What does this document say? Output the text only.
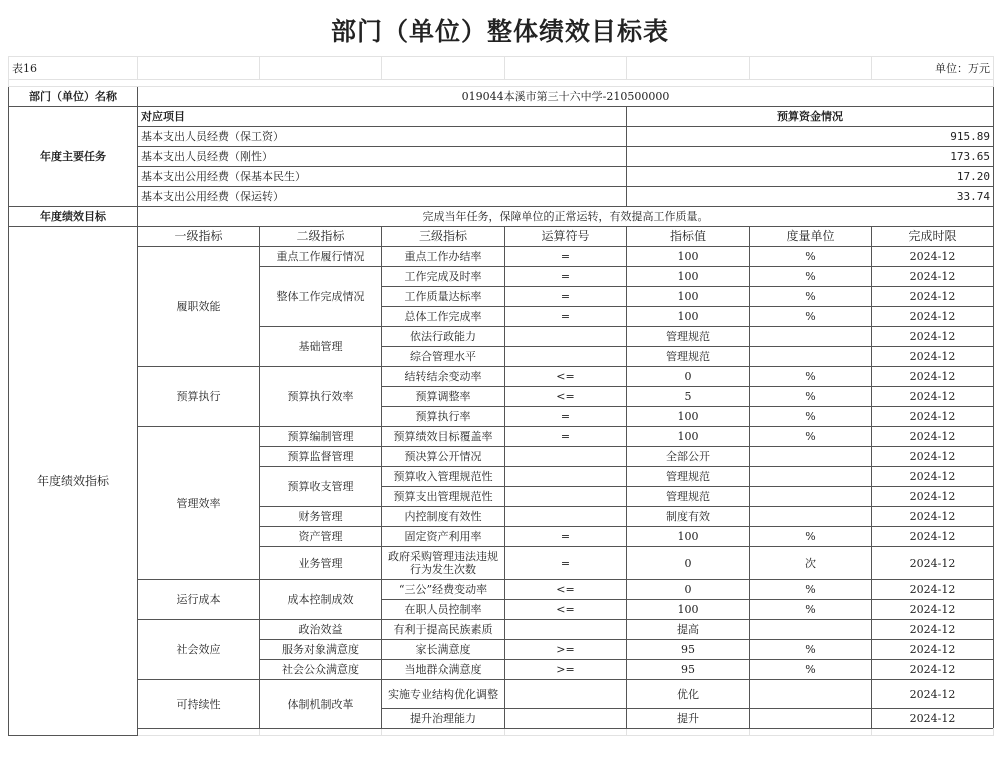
部门（单位）整体绩效目标表
表16							单位：万元	

部门（单位）名称	019044本溪市第三十六中学-210500000							
年度主要任务	对应项目				预算资金情况			
	基本支出人员经费（保工资）				915.89			
	基本支出人员经费（刚性）				173.65			
	基本支出公用经费（保基本民生）				17.20			
	基本支出公用经费（保运转）				33.74			
年度绩效目标	完成当年任务，保障单位的正常运转，有效提高工作质量。							
年度绩效指标	一级指标	二级指标	三级指标	运算符号	指标值	度量单位	完成时限	
	履职效能	重点工作履行情况	重点工作办结率	=	100	%	2024-12	
		整体工作完成情况	工作完成及时率	=	100	%	2024-12	
			工作质量达标率	=	100	%	2024-12	
			总体工作完成率	=	100	%	2024-12	
		基础管理	依法行政能力		管理规范		2024-12	
			综合管理水平		管理规范		2024-12	
	预算执行	预算执行效率	结转结余变动率	<=	0	%	2024-12	
			预算调整率	<=	5	%	2024-12	
			预算执行率	=	100	%	2024-12	
	管理效率	预算编制管理	预算绩效目标覆盖率	=	100	%	2024-12	
		预算监督管理	预决算公开情况		全部公开		2024-12	
		预算收支管理	预算收入管理规范性		管理规范		2024-12	
			预算支出管理规范性		管理规范		2024-12	
		财务管理	内控制度有效性		制度有效		2024-12	
		资产管理	固定资产利用率	=	100	%	2024-12	
		业务管理	政府采购管理违法违规行为发生次数	=	0	次	2024-12	
	运行成本	成本控制成效	“三公”经费变动率	<=	0	%	2024-12	
			在职人员控制率	<=	100	%	2024-12	
	社会效应	政治效益	有利于提高民族素质		提高		2024-12	
		服务对象满意度	家长满意度	>=	95	%	2024-12	
		社会公众满意度	当地群众满意度	>=	95	%	2024-12	
	可持续性	体制机制改革	实施专业结构优化调整		优化		2024-12	
			提升治理能力		提升		2024-12	
